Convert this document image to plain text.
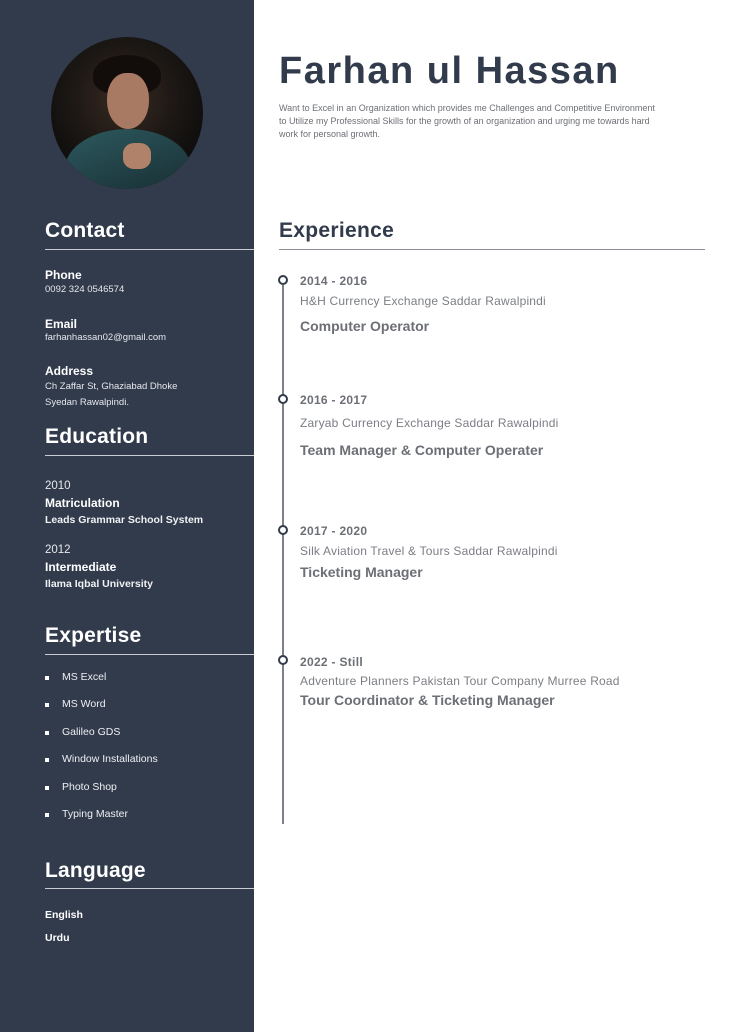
Contact
Phone
0092 324 0546574
Email
farhanhassan02@gmail.com
Address
Ch Zaffar St, Ghaziabad Dhoke Syedan Rawalpindi.
Education
2010
Matriculation
Leads Grammar School System
2012
Intermediate
Ilama Iqbal University
Expertise
MS Excel
MS Word
Galileo GDS
Window Installations
Photo Shop
Typing Master
Language
English
Urdu
Farhan ul Hassan

Want to Excel in an Organization which provides me Challenges and Competitive Environment to Utilize my Professional Skills for the growth of an organization and urging me towards hard work for personal growth.

Experience
2014 - 2016
H&H Currency Exchange Saddar Rawalpindi
Computer Operator
2016 - 2017
Zaryab Currency Exchange Saddar Rawalpindi
Team Manager & Computer Operater
2017 - 2020
Silk Aviation Travel & Tours Saddar Rawalpindi
Ticketing Manager
2022 - Still
Adventure Planners Pakistan Tour Company Murree Road
Tour Coordinator & Ticketing Manager
